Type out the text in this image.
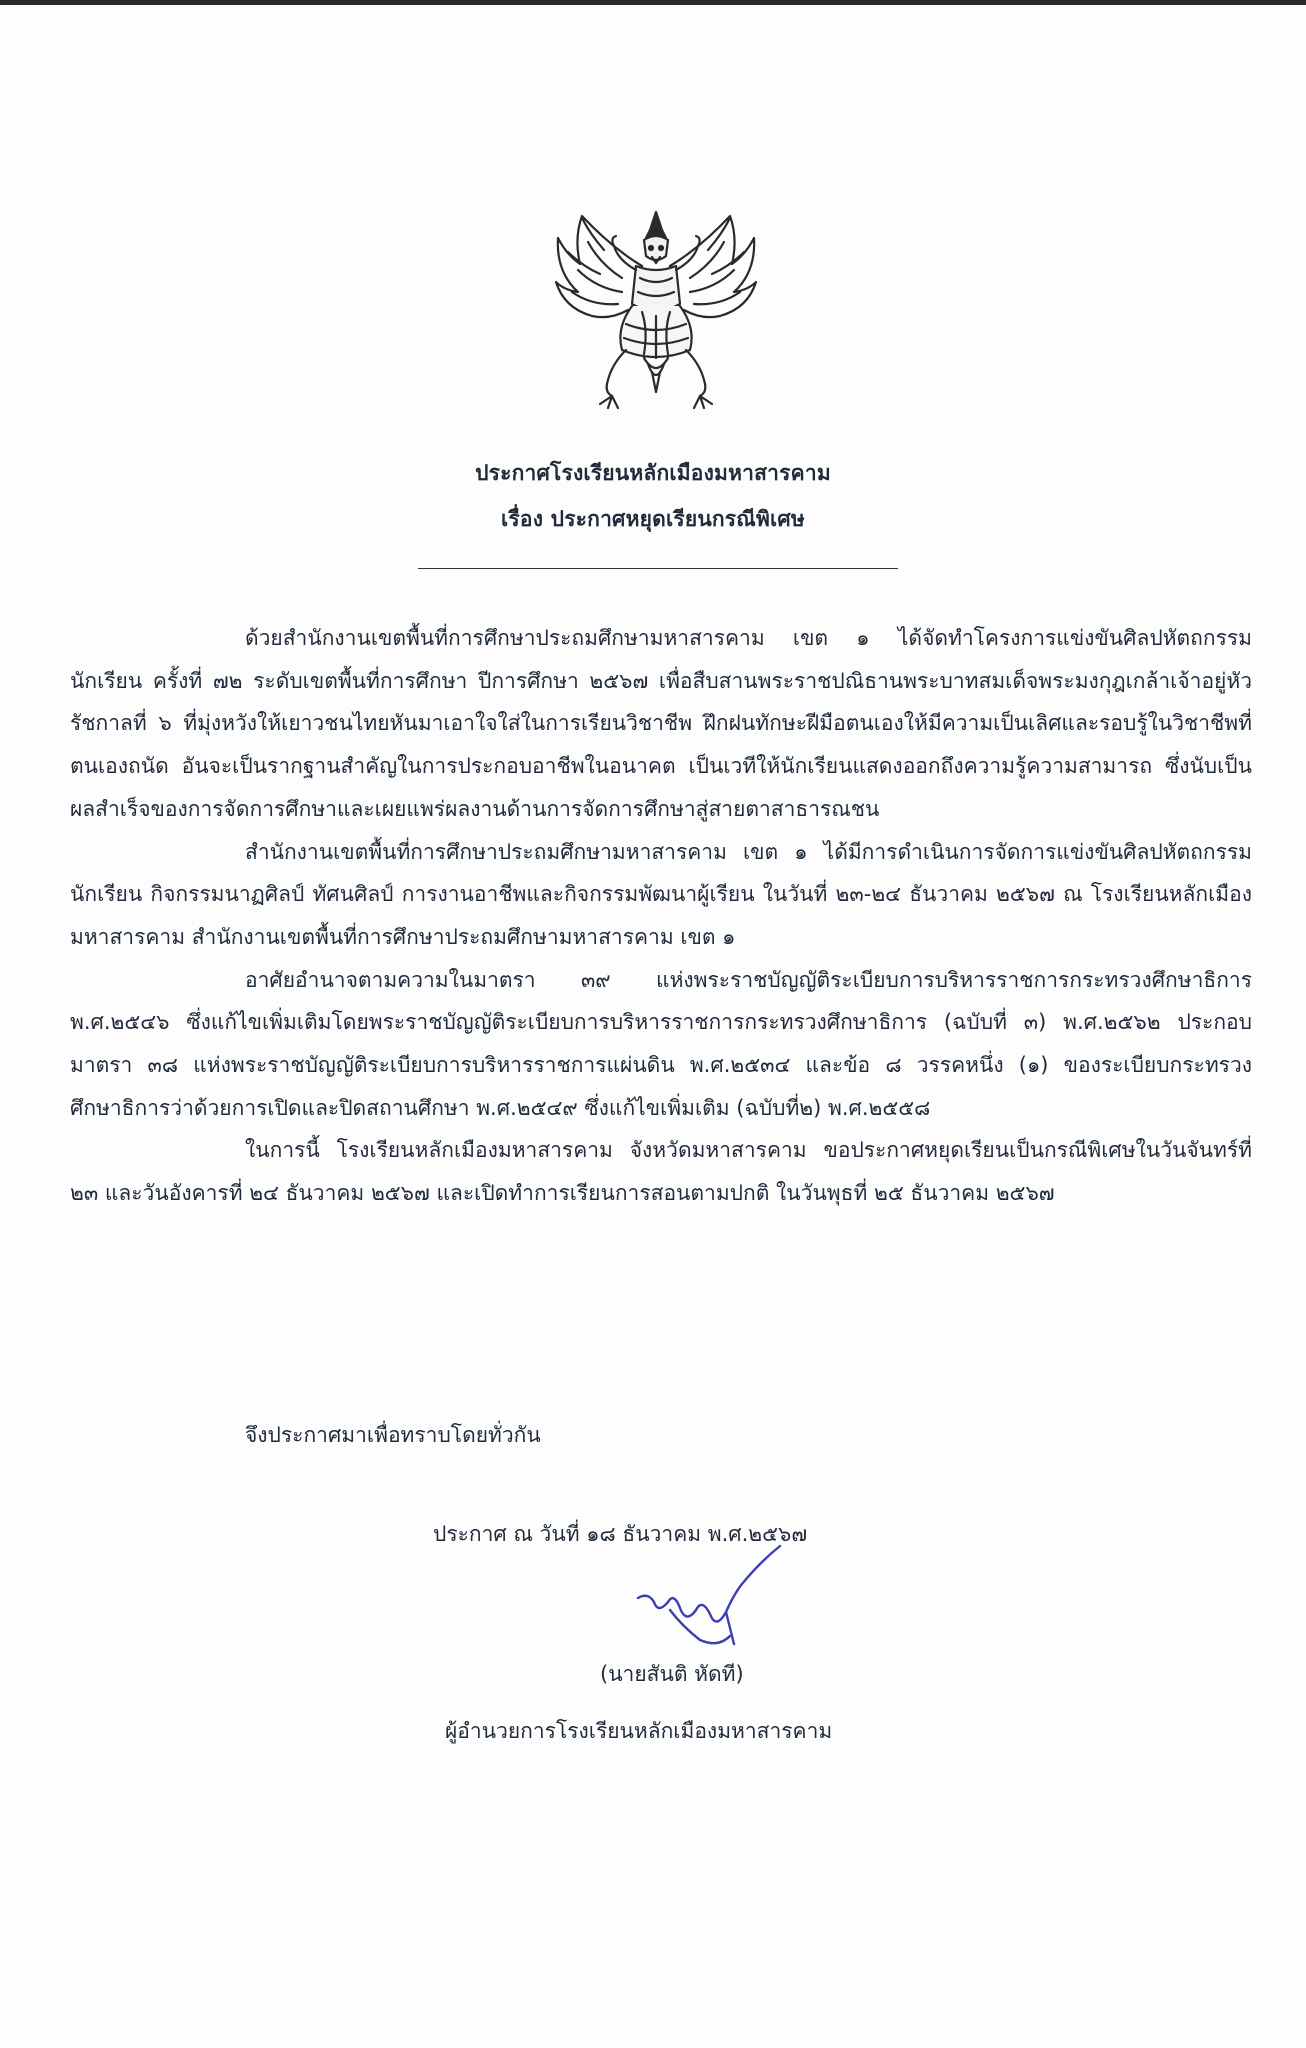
ประกาศโรงเรียนหลักเมืองมหาสารคาม
เรื่อง ประกาศหยุดเรียนกรณีพิเศษ

ด้วยสำนักงานเขตพื้นที่การศึกษาประถมศึกษามหาสารคาม เขต ๑ ได้จัดทำโครงการแข่งขันศิลปหัตถกรรมนักเรียน ครั้งที่ ๗๒ ระดับเขตพื้นที่การศึกษา ปีการศึกษา ๒๕๖๗ เพื่อสืบสานพระราชปณิธานพระบาทสมเด็จพระมงกุฎเกล้าเจ้าอยู่หัว รัชกาลที่ ๖ ที่มุ่งหวังให้เยาวชนไทยหันมาเอาใจใส่ในการเรียนวิชาชีพ ฝึกฝนทักษะฝีมือตนเองให้มีความเป็นเลิศและรอบรู้ในวิชาชีพที่ตนเองถนัด อันจะเป็นรากฐานสำคัญในการประกอบอาชีพในอนาคต เป็นเวทีให้นักเรียนแสดงออกถึงความรู้ความสามารถ ซึ่งนับเป็นผลสำเร็จของการจัดการศึกษาและเผยแพร่ผลงานด้านการจัดการศึกษาสู่สายตาสาธารณชน

สำนักงานเขตพื้นที่การศึกษาประถมศึกษามหาสารคาม เขต ๑ ได้มีการดำเนินการจัดการแข่งขันศิลปหัตถกรรมนักเรียน กิจกรรมนาฏศิลป์ ทัศนศิลป์ การงานอาชีพและกิจกรรมพัฒนาผู้เรียน ในวันที่ ๒๓-๒๔ ธันวาคม ๒๕๖๗ ณ โรงเรียนหลักเมืองมหาสารคาม สำนักงานเขตพื้นที่การศึกษาประถมศึกษามหาสารคาม เขต ๑

อาศัยอำนาจตามความในมาตรา ๓๙ แห่งพระราชบัญญัติระเบียบการบริหารราชการกระทรวงศึกษาธิการ พ.ศ.๒๕๔๖ ซึ่งแก้ไขเพิ่มเติมโดยพระราชบัญญัติระเบียบการบริหารราชการกระทรวงศึกษาธิการ (ฉบับที่ ๓) พ.ศ.๒๕๖๒ ประกอบมาตรา ๓๘ แห่งพระราชบัญญัติระเบียบการบริหารราชการแผ่นดิน พ.ศ.๒๕๓๔ และข้อ ๘ วรรคหนึ่ง (๑) ของระเบียบกระทรวงศึกษาธิการว่าด้วยการเปิดและปิดสถานศึกษา พ.ศ.๒๕๔๙ ซึ่งแก้ไขเพิ่มเติม (ฉบับที่๒) พ.ศ.๒๕๕๘

ในการนี้ โรงเรียนหลักเมืองมหาสารคาม จังหวัดมหาสารคาม ขอประกาศหยุดเรียนเป็นกรณีพิเศษในวันจันทร์ที่ ๒๓ และวันอังคารที่ ๒๔ ธันวาคม ๒๕๖๗ และเปิดทำการเรียนการสอนตามปกติ ในวันพุธที่ ๒๕ ธันวาคม ๒๕๖๗

จึงประกาศมาเพื่อทราบโดยทั่วกัน
ประกาศ ณ วันที่ ๑๘ ธันวาคม พ.ศ.๒๕๖๗
(นายสันติ หัดที)
ผู้อำนวยการโรงเรียนหลักเมืองมหาสารคาม
